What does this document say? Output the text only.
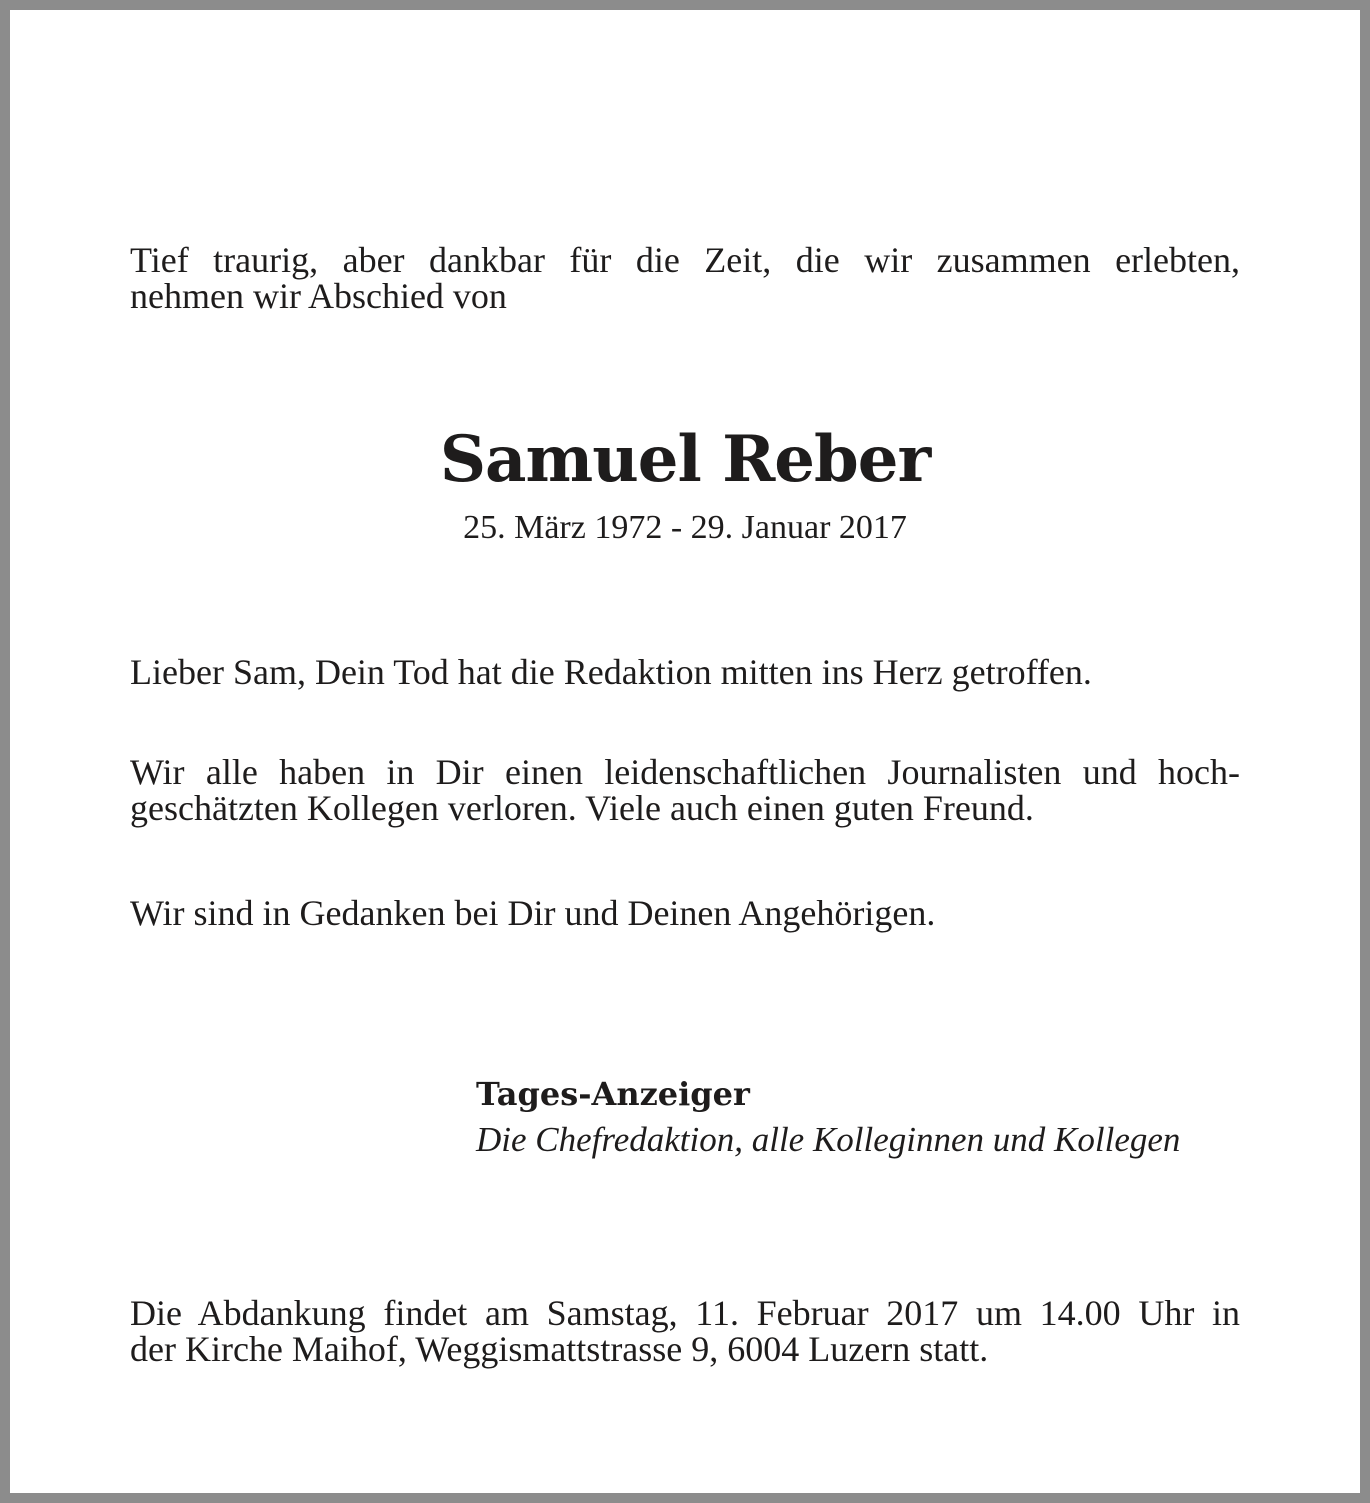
Tief traurig, aber dankbar für die Zeit, die wir zusammen erlebten,
nehmen wir Abschied von
Samuel Reber

25. März 1972 - 29. Januar 2017

Lieber Sam, Dein Tod hat die Redaktion mitten ins Herz getroffen.

Wir alle haben in Dir einen leidenschaftlichen Journalisten und hoch-
geschätzten Kollegen verloren. Viele auch einen guten Freund.

Wir sind in Gedanken bei Dir und Deinen Angehörigen.

Tages-Anzeiger

Die Chefredaktion, alle Kolleginnen und Kollegen

Die Abdankung findet am Samstag, 11. Februar 2017 um 14.00 Uhr in
der Kirche Maihof, Weggismattstrasse 9, 6004 Luzern statt.
